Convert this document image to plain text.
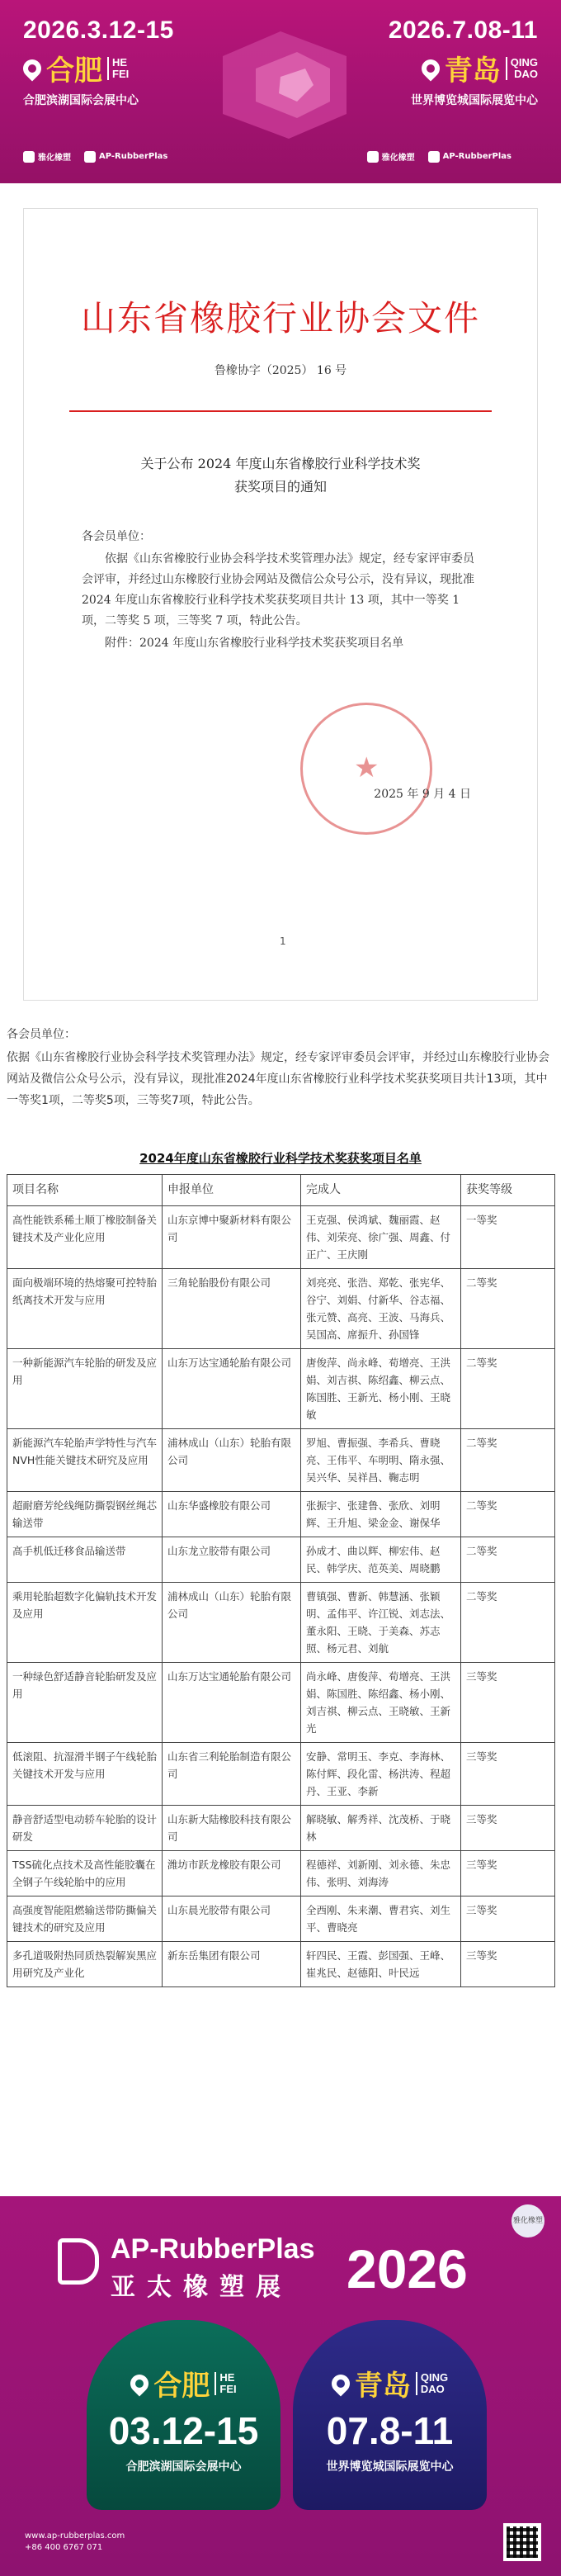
2026.3.12-15
合肥 HE
FEI
合肥滨湖国际会展中心
2026.7.08-11
青岛 QING
DAO
世界博览城国际展览中心
雅化橡塑	AP-RubberPlas	雅化橡塑	AP-RubberPlas
山东省橡胶行业协会文件
鲁橡协字（2025） 16 号
关于公布 2024 年度山东省橡胶行业科学技术奖
获奖项目的通知

各会员单位：

依据《山东省橡胶行业协会科学技术奖管理办法》规定，经专家评审委员会评审，并经过山东橡胶行业协会网站及微信公众号公示，没有异议，现批准 2024 年度山东省橡胶行业科学技术奖获奖项目共计 13 项，其中一等奖 1 项，二等奖 5 项，三等奖 7 项，特此公告。

附件：2024 年度山东省橡胶行业科学技术奖获奖项目名单

★
2025 年 9 月 4 日
1
各会员单位：
依据《山东省橡胶行业协会科学技术奖管理办法》规定，经专家评审委员会评审，并经过山东橡胶行业协会网站及微信公众号公示，没有异议，现批准2024年度山东省橡胶行业科学技术奖获奖项目共计13项，其中一等奖1项，二等奖5项，三等奖7项，特此公告。
2024年度山东省橡胶行业科学技术奖获奖项目名单
项目名称	申报单位	完成人	获奖等级
高性能铁系稀土顺丁橡胶制备关键技术及产业化应用	山东京博中聚新材料有限公司	王克强、侯鸿斌、魏丽霞、赵伟、刘荣亮、徐广强、周鑫、付正广、王庆刚	一等奖
面向极端环境的热熔聚可控特胎纸离技术开发与应用	三角轮胎股份有限公司	刘亮亮、张浩、郑乾、张宪华、谷宁、刘娟、付新华、谷志福、张元赞、高亮、王波、马海兵、吴国高、席振升、孙国锋	二等奖
一种新能源汽车轮胎的研发及应用	山东万达宝通轮胎有限公司	唐俊萍、尚永峰、荀增亮、王洪娟、刘吉祺、陈绍鑫、柳云点、陈国胜、王新光、杨小刚、王晓敏	二等奖
新能源汽车轮胎声学特性与汽车NVH性能关键技术研究及应用	浦林成山（山东）轮胎有限公司	罗旭、曹振强、李希兵、曹晓亮、王伟平、车明明、隋永强、吴兴华、吴祥昌、鞠志明	二等奖
超耐磨芳纶线绳防撕裂钢丝绳芯输送带	山东华盛橡胶有限公司	张振宇、张建鲁、张欣、刘明辉、王升旭、梁金金、谢保华	二等奖
高手机低迁移食品输送带	山东龙立胶带有限公司	孙成才、曲以辉、柳宏伟、赵民、韩学庆、范英美、周晓鹏	二等奖
乘用轮胎超数字化偏轨技术开发及应用	浦林成山（山东）轮胎有限公司	曹镇强、曹新、韩慧涵、张颖明、孟伟平、许江锐、刘志法、董永阳、王晓、于美森、苏志照、杨元君、刘航	二等奖
一种绿色舒适静音轮胎研发及应用	山东万达宝通轮胎有限公司	尚永峰、唐俊萍、荀增亮、王洪娟、陈国胜、陈绍鑫、杨小刚、刘吉祺、柳云点、王晓敏、王新光	三等奖
低滚阻、抗湿滑半钢子午线轮胎关键技术开发与应用	山东省三利轮胎制造有限公司	安静、常明玉、李克、李海林、陈付辉、段化雷、杨洪涛、程超丹、王亚、李新	三等奖
静音舒适型电动轿车轮胎的设计研发	山东新大陆橡胶科技有限公司	解晓敏、解秀祥、沈茂桥、于晓林	三等奖
TSS硫化点技术及高性能胶囊在全钢子午线轮胎中的应用	潍坊市跃龙橡胶有限公司	程德祥、刘新刚、刘永德、朱忠伟、张明、刘海涛	三等奖
高强度智能阻燃输送带防撕偏关键技术的研究及应用	山东晨光胶带有限公司	全西刚、朱来潮、曹君宾、刘生平、曹晓亮	三等奖
多孔道吸附热同质热裂解炭黑应用研究及产业化	新东岳集团有限公司	轩四民、王霞、彭国强、王峰、崔兆民、赵德阳、叶民远	三等奖
AP-RubberPlas
亚太橡塑展 2026
雅化橡塑
合肥 HE
FEI
03.12-15
合肥滨湖国际会展中心
青岛 QING
DAO
07.8-11
世界博览城国际展览中心
www.ap-rubberplas.com
+86 400 6767 071
